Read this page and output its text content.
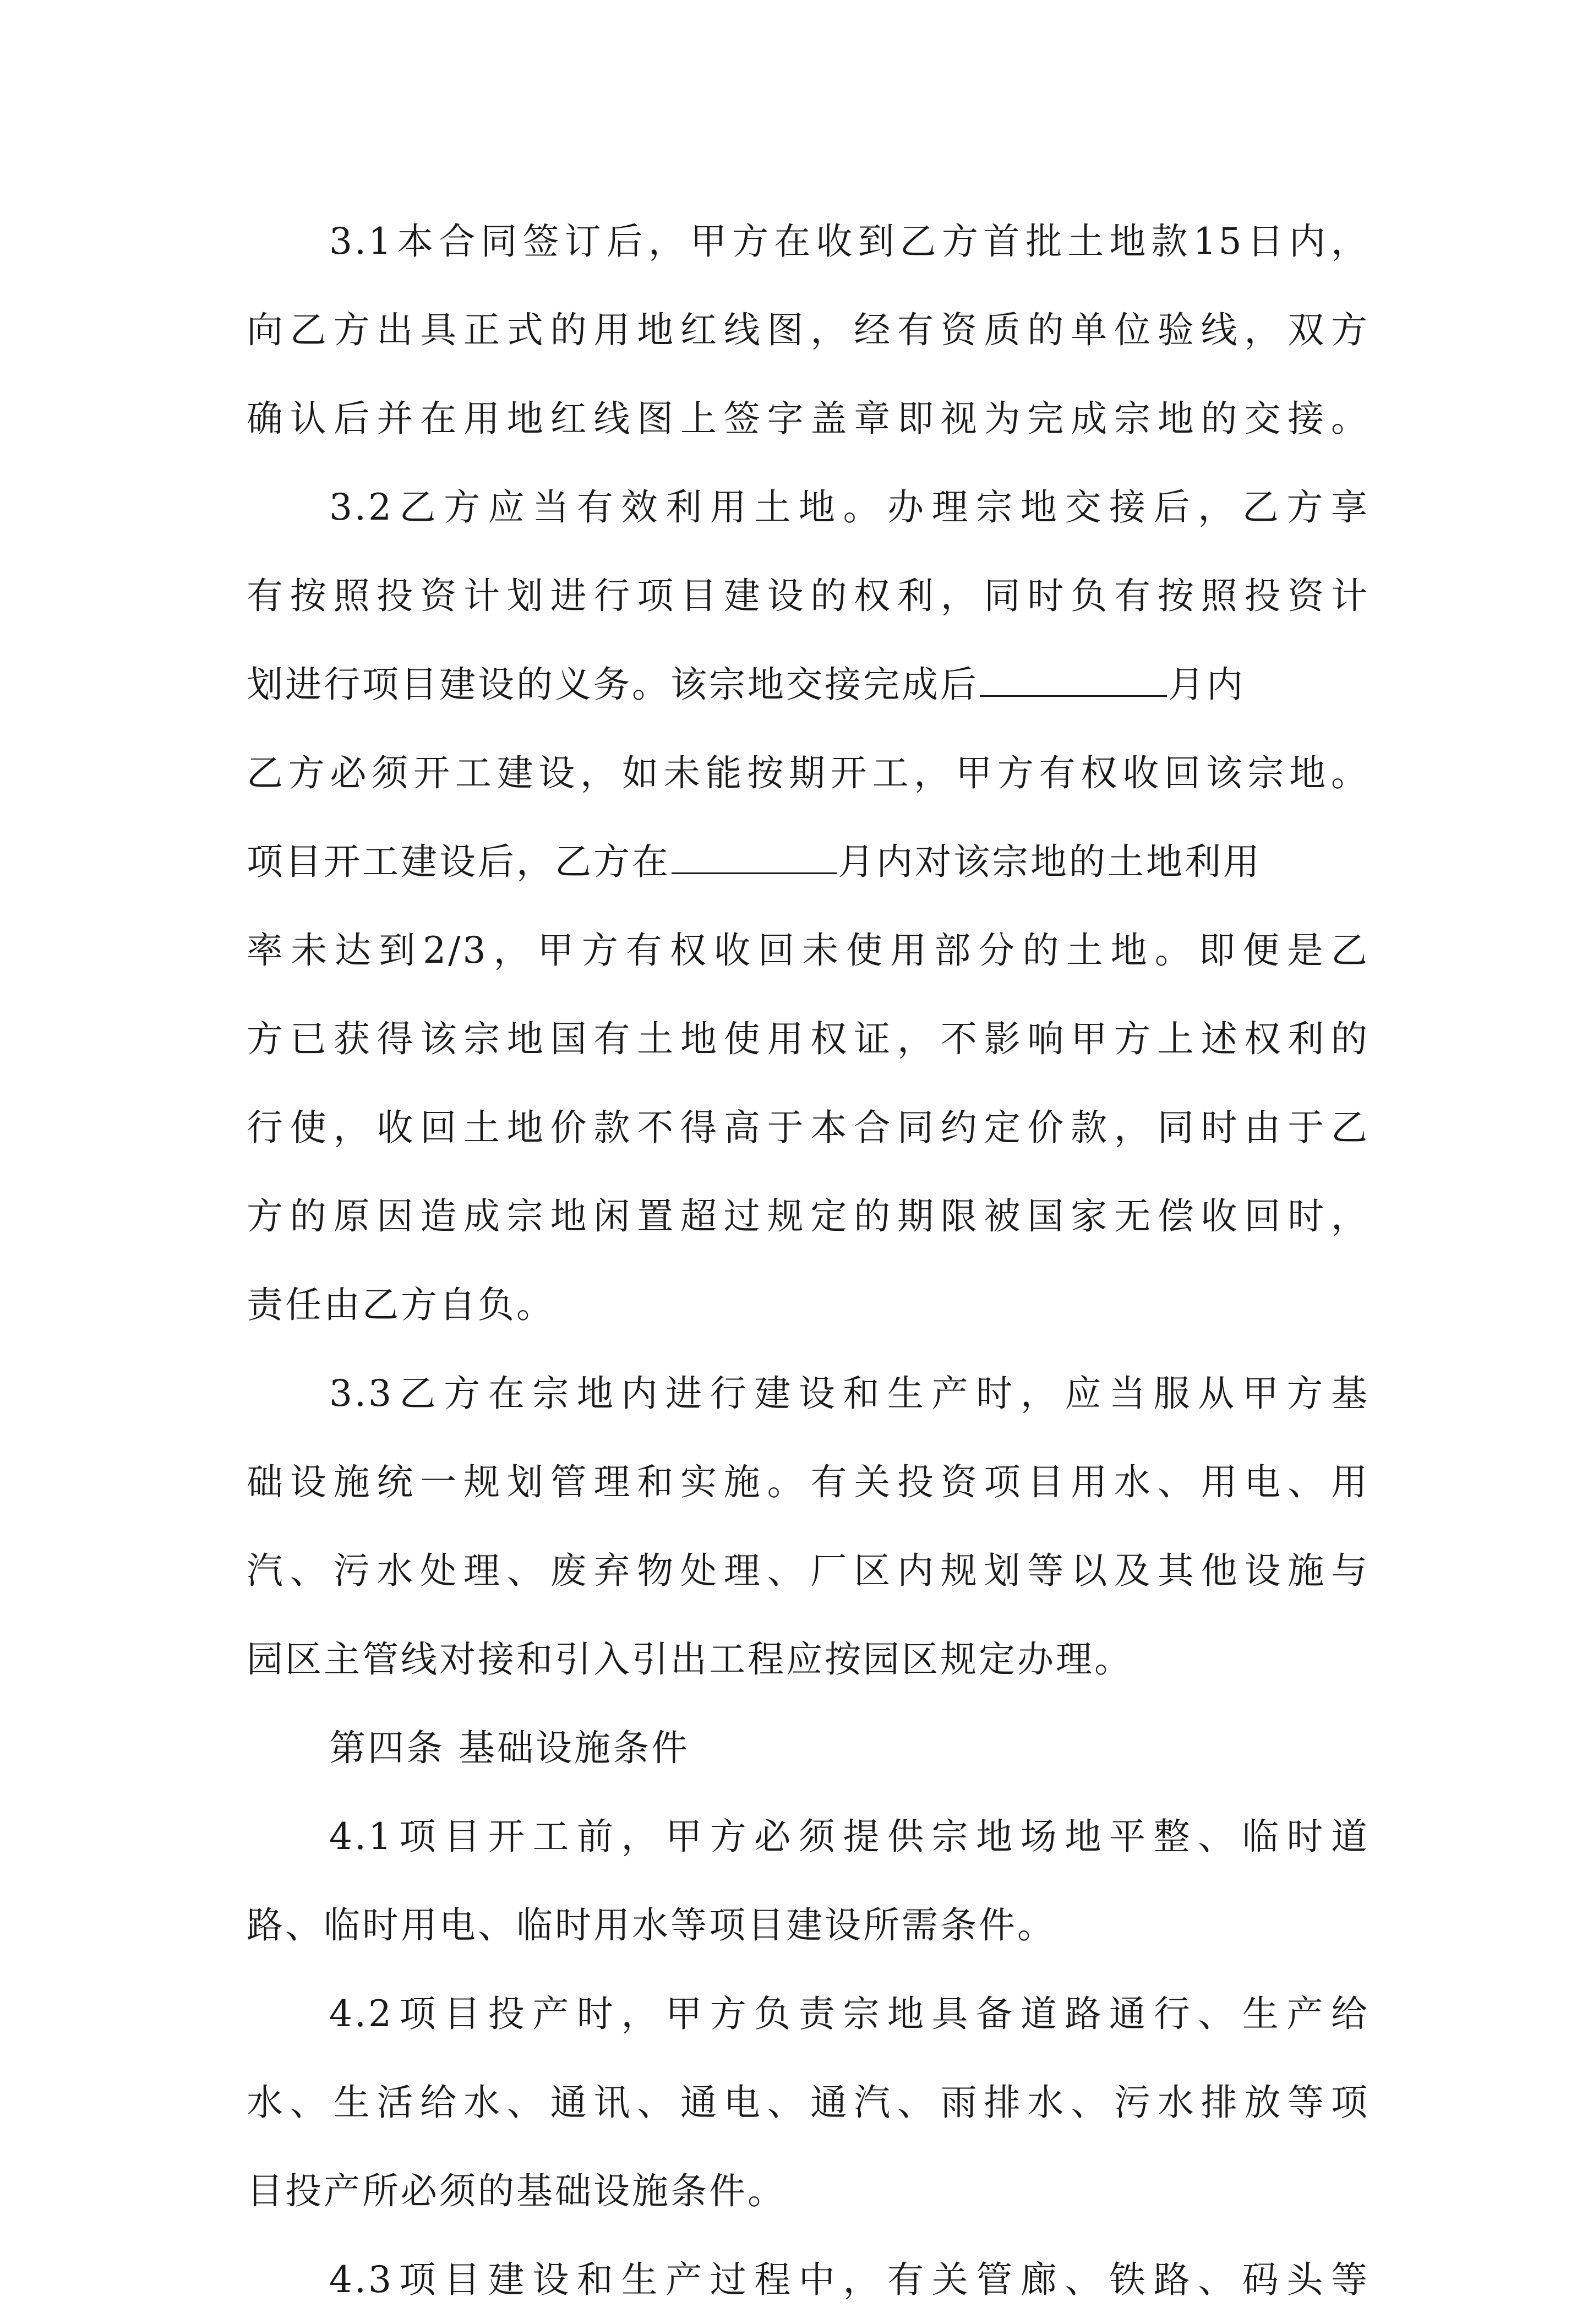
3.1本合同签订后，甲方在收到乙方首批土地款15日内，
向乙方出具正式的用地红线图，经有资质的单位验线，双方
确认后并在用地红线图上签字盖章即视为完成宗地的交接。
3.2乙方应当有效利用土地。办理宗地交接后，乙方享
有按照投资计划进行项目建设的权利，同时负有按照投资计
划进行项目建设的义务。该宗地交接完成后	月内
乙方必须开工建设，如未能按期开工，甲方有权收回该宗地。
项目开工建设后，乙方在	月内对该宗地的土地利用
率未达到2/3，甲方有权收回未使用部分的土地。即便是乙
方已获得该宗地国有土地使用权证，不影响甲方上述权利的
行使，收回土地价款不得高于本合同约定价款，同时由于乙
方的原因造成宗地闲置超过规定的期限被国家无偿收回时，
责任由乙方自负。
3.3乙方在宗地内进行建设和生产时，应当服从甲方基
础设施统一规划管理和实施。有关投资项目用水、用电、用
汽、污水处理、废弃物处理、厂区内规划等以及其他设施与
园区主管线对接和引入引出工程应按园区规定办理。
第四条 基础设施条件
4.1项目开工前，甲方必须提供宗地场地平整、临时道
路、临时用电、临时用水等项目建设所需条件。
4.2项目投产时，甲方负责宗地具备道路通行、生产给
水、生活给水、通讯、通电、通汽、雨排水、污水排放等项
目投产所必须的基础设施条件。
4.3项目建设和生产过程中，有关管廊、铁路、码头等
